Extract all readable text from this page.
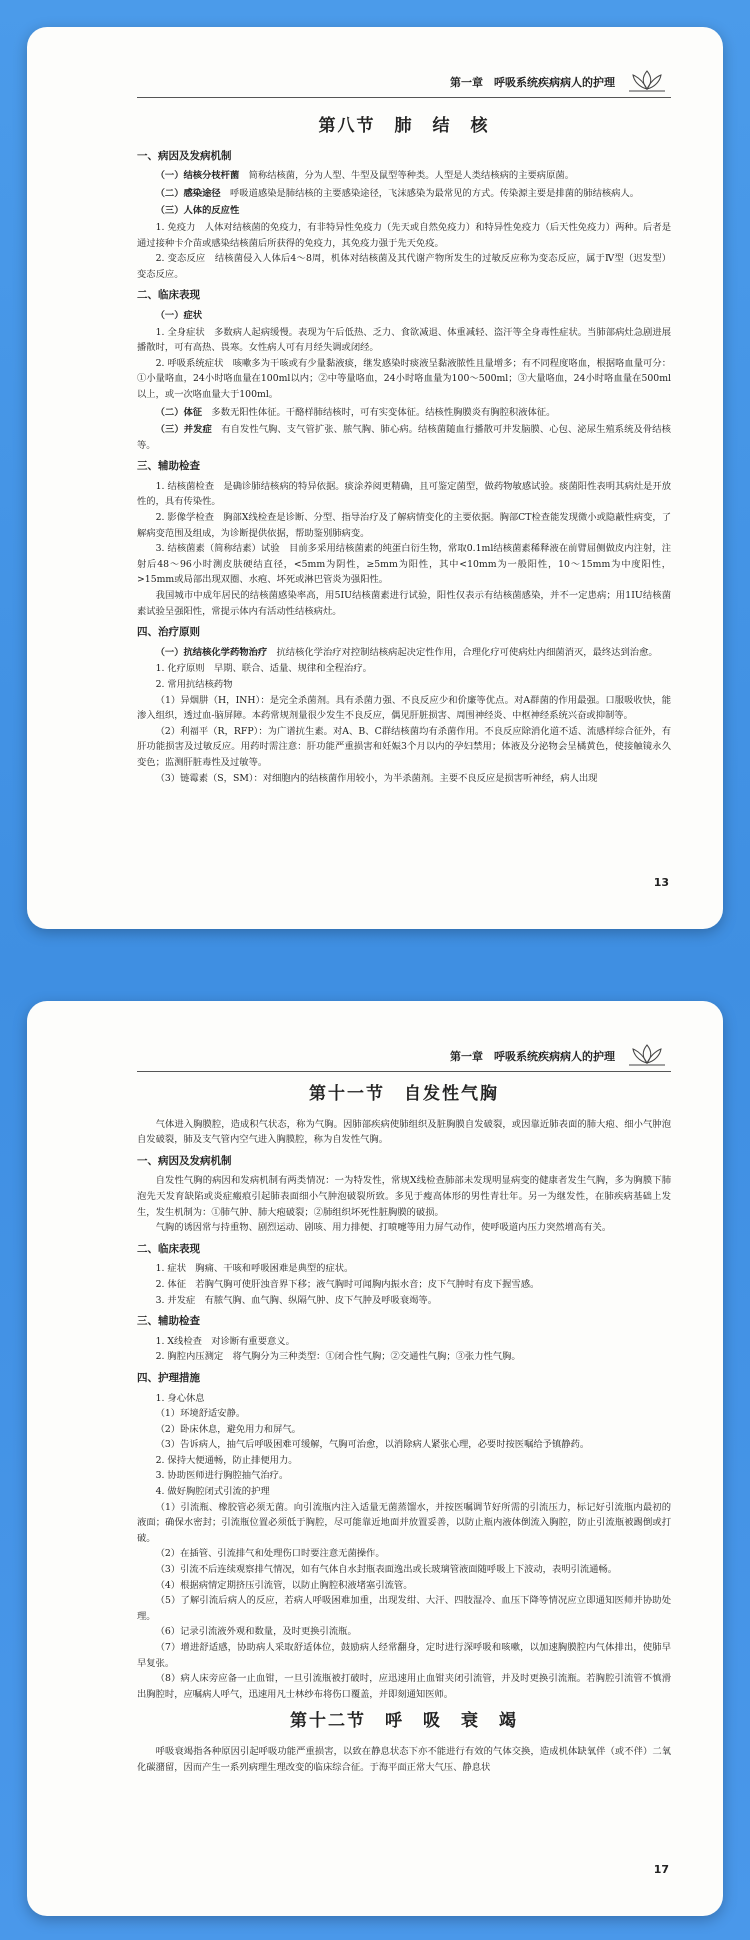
第一章　呼吸系统疾病病人的护理
第八节　肺　结　核
一、病因及发病机制

（一）结核分枝杆菌　 简称结核菌，分为人型、牛型及鼠型等种类。人型是人类结核病的主要病原菌。

（二）感染途径　 呼吸道感染是肺结核的主要感染途径，飞沫感染为最常见的方式。传染源主要是排菌的肺结核病人。

（三）人体的反应性

1. 免疫力　人体对结核菌的免疫力，有非特异性免疫力（先天或自然免疫力）和特异性免疫力（后天性免疫力）两种。后者是通过接种卡介苗或感染结核菌后所获得的免疫力，其免疫力强于先天免疫。

2. 变态反应　结核菌侵入人体后4～8周，机体对结核菌及其代谢产物所发生的过敏反应称为变态反应，属于Ⅳ型（迟发型）变态反应。

二、临床表现

（一）症状

1. 全身症状　多数病人起病缓慢。表现为午后低热、乏力、食欲减退、体重减轻、盗汗等全身毒性症状。当肺部病灶急剧进展播散时，可有高热、畏寒。女性病人可有月经失调或闭经。

2. 呼吸系统症状　咳嗽多为干咳或有少量黏液痰，继发感染时痰液呈黏液脓性且量增多；有不同程度咯血，根据咯血量可分：①小量咯血，24小时咯血量在100ml以内；②中等量咯血，24小时咯血量为100～500ml；③大量咯血，24小时咯血量在500ml以上，或一次咯血量大于100ml。

（二）体征　 多数无阳性体征。干酪样肺结核时，可有实变体征。结核性胸膜炎有胸腔积液体征。

（三）并发症　 有自发性气胸、支气管扩张、脓气胸、肺心病。结核菌随血行播散可并发脑膜、心包、泌尿生殖系统及骨结核等。

三、辅助检查

1. 结核菌检查　是确诊肺结核病的特异依据。痰涂养阅更精确，且可鉴定菌型，做药物敏感试验。痰菌阳性表明其病灶是开放性的，具有传染性。

2. 影像学检查　胸部X线检查是诊断、分型、指导治疗及了解病情变化的主要依据。胸部CT检查能发现微小或隐蔽性病变，了解病变范围及组成，为诊断提供依据，帮助鉴别肺病变。

3. 结核菌素（简称结素）试验　目前多采用结核菌素的纯蛋白衍生物，常取0.1ml结核菌素稀释液在前臂屈侧做皮内注射，注射后48～96小时测皮肤硬结直径，<5mm为阴性，≥5mm为阳性，其中<10mm为一般阳性，10～15mm为中度阳性，>15mm或局部出现双圈、水疱、坏死或淋巴管炎为强阳性。

我国城市中成年居民的结核菌感染率高，用5IU结核菌素进行试验，阳性仅表示有结核菌感染，并不一定患病；用1IU结核菌素试验呈强阳性，常提示体内有活动性结核病灶。

四、治疗原则

（一）抗结核化学药物治疗　 抗结核化学治疗对控制结核病起决定性作用，合理化疗可使病灶内细菌消灭，最终达到治愈。

1. 化疗原则　早期、联合、适量、规律和全程治疗。

2. 常用抗结核药物

（1）异烟肼（H，INH）：是完全杀菌剂。具有杀菌力强、不良反应少和价廉等优点。对A群菌的作用最强。口服吸收快，能渗入组织，透过血-脑屏障。本药常规剂量很少发生不良反应，偶见肝脏损害、周围神经炎、中枢神经系统兴奋或抑制等。

（2）利福平（R，RFP）：为广谱抗生素。对A、B、C群结核菌均有杀菌作用。不良反应除消化道不适、流感样综合征外，有肝功能损害及过敏反应。用药时需注意：肝功能严重损害和妊娠3个月以内的孕妇禁用；体液及分泌物会呈橘黄色，使接触镜永久变色；监测肝脏毒性及过敏等。

（3）链霉素（S，SM）：对细胞内的结核菌作用较小，为半杀菌剂。主要不良反应是损害听神经，病人出现

13
第一章　呼吸系统疾病病人的护理
第十一节　自发性气胸

气体进入胸膜腔，造成积气状态，称为气胸。因肺部疾病使肺组织及脏胸膜自发破裂，或因靠近肺表面的肺大疱、细小气肿泡自发破裂，肺及支气管内空气进入胸膜腔，称为自发性气胸。

一、病因及发病机制

自发性气胸的病因和发病机制有两类情况：一为特发性，常规X线检查肺部未发现明显病变的健康者发生气胸，多为胸膜下肺泡先天发育缺陷或炎症瘢痕引起肺表面细小气肿泡破裂所致。多见于瘦高体形的男性青壮年。另一为继发性，在肺疾病基础上发生，发生机制为：①肺气肿、肺大疱破裂；②肺组织坏死性脏胸膜的破损。

气胸的诱因常与持重物、剧烈运动、剧咳、用力排便、打喷嚏等用力屏气动作，使呼吸道内压力突然增高有关。

二、临床表现

1. 症状　胸痛、干咳和呼吸困难是典型的症状。

2. 体征　若胸气胸可使肝浊音界下移；液气胸时可闻胸内振水音；皮下气肿时有皮下握雪感。

3. 并发症　有脓气胸、血气胸、纵隔气肿、皮下气肿及呼吸衰竭等。

三、辅助检查

1. X线检查　对诊断有重要意义。

2. 胸腔内压测定　将气胸分为三种类型：①闭合性气胸；②交通性气胸；③张力性气胸。

四、护理措施

1. 身心休息

（1）环境舒适安静。

（2）卧床休息，避免用力和屏气。

（3）告诉病人，抽气后呼吸困难可缓解，气胸可治愈，以消除病人紧张心理，必要时按医嘱给予镇静药。

2. 保持大便通畅，防止排便用力。

3. 协助医师进行胸腔抽气治疗。

4. 做好胸腔闭式引流的护理

（1）引流瓶、橡胶管必须无菌。向引流瓶内注入适量无菌蒸馏水，并按医嘱调节好所需的引流压力，标记好引流瓶内最初的液面；确保水密封；引流瓶位置必须低于胸腔，尽可能靠近地面并放置妥善，以防止瓶内液体倒流入胸腔，防止引流瓶被踢倒或打破。

（2）在插管、引流排气和处理伤口时要注意无菌操作。

（3）引流不后连续观察排气情况，如有气体自水封瓶表面逸出或长玻璃管液面随呼吸上下波动，表明引流通畅。

（4）根据病情定期挤压引流管，以防止胸腔积液堵塞引流管。

（5）了解引流后病人的反应，若病人呼吸困难加重，出现发绀、大汗、四肢湿冷、血压下降等情况应立即通知医师并协助处理。

（6）记录引流液外观和数量，及时更换引流瓶。

（7）增进舒适感，协助病人采取舒适体位，鼓励病人经常翻身，定时进行深呼吸和咳嗽，以加速胸膜腔内气体排出，使肺早早复张。

（8）病人床旁应备一止血钳，一旦引流瓶被打破时，应迅速用止血钳夹闭引流管，并及时更换引流瓶。若胸腔引流管不慎滑出胸腔时，应嘱病人呼气，迅速用凡士林纱布将伤口覆盖，并即刻通知医师。

第十二节　呼　吸　衰　竭

呼吸衰竭指各种原因引起呼吸功能严重损害，以致在静息状态下亦不能进行有效的气体交换，造成机体缺氧伴（或不伴）二氧化碳潴留，因而产生一系列病理生理改变的临床综合征。于海平面正常大气压、静息状

17
